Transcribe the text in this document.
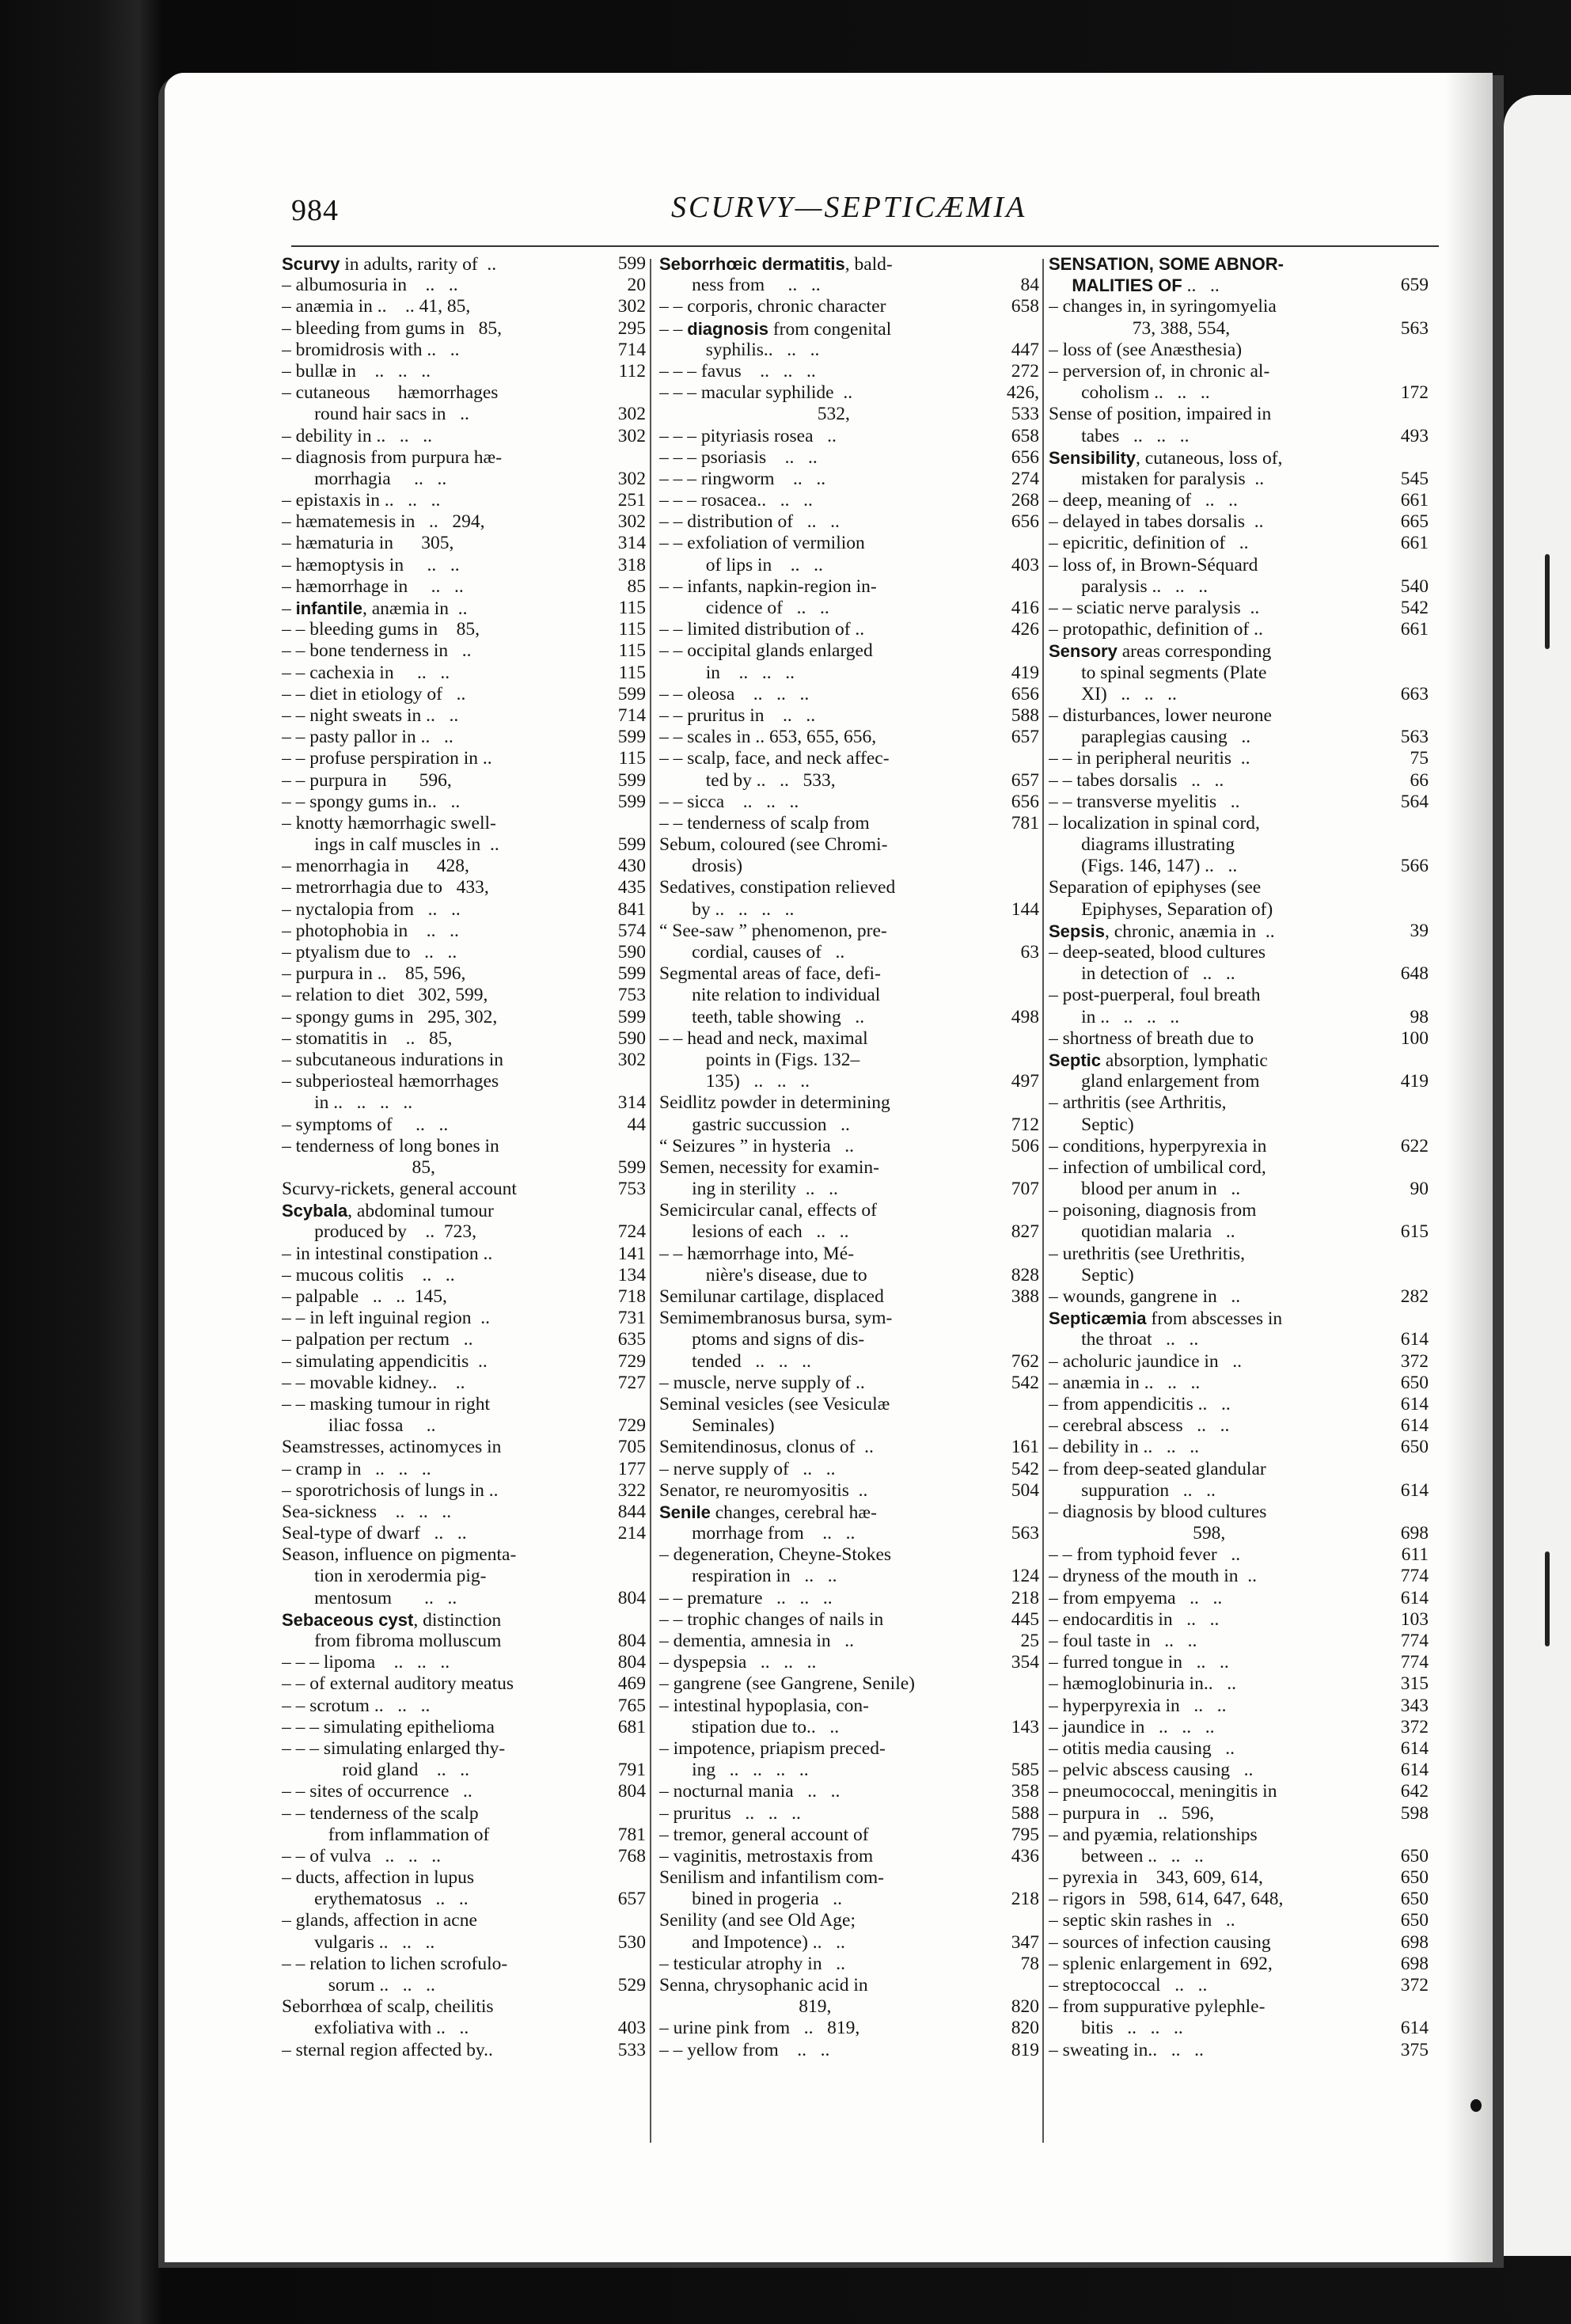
984	SCURVY—SEPTICÆMIA
Scurvy in adults, rarity of  ..	599
– albumosuria in    ..   ..	20
– anæmia in ..    .. 41, 85,	302
– bleeding from gums in   85,	295
– bromidrosis with ..   ..	714
– bullæ in    ..   ..   ..	112
– cutaneous      hæmorrhages
round hair sacs in   ..	302
– debility in ..   ..   ..	302
– diagnosis from purpura hæ-
morrhagia     ..   ..	302
– epistaxis in ..   ..   ..	251
– hæmatemesis in   ..   294,	302
– hæmaturia in      305,	314
– hæmoptysis in     ..   ..	318
– hæmorrhage in     ..   ..	85
– infantile, anæmia in  ..	115
– – bleeding gums in    85,	115
– – bone tenderness in   ..	115
– – cachexia in     ..   ..	115
– – diet in etiology of   ..	599
– – night sweats in ..   ..	714
– – pasty pallor in ..   ..	599
– – profuse perspiration in ..	115
– – purpura in       596,	599
– – spongy gums in..   ..	599
– knotty hæmorrhagic swell-
ings in calf muscles in  ..	599
– menorrhagia in      428,	430
– metrorrhagia due to   433,	435
– nyctalopia from   ..   ..	841
– photophobia in    ..   ..	574
– ptyalism due to   ..   ..	590
– purpura in ..    85, 596,	599
– relation to diet   302, 599,	753
– spongy gums in   295, 302,	599
– stomatitis in    ..   85,	590
– subcutaneous indurations in	302
– subperiosteal hæmorrhages
in ..   ..   ..   ..	314
– symptoms of     ..   ..	44
– tenderness of long bones in
85,	599
Scurvy-rickets, general account	753
Scybala, abdominal tumour
produced by    ..  723,	724
– in intestinal constipation ..	141
– mucous colitis    ..   ..	134
– palpable   ..   ..  145,	718
– – in left inguinal region  ..	731
– palpation per rectum   ..	635
– simulating appendicitis  ..	729
– – movable kidney..    ..	727
– – masking tumour in right
iliac fossa     ..	729
Seamstresses, actinomyces in	705
– cramp in   ..   ..   ..	177
– sporotrichosis of lungs in ..	322
Sea-sickness    ..   ..   ..	844
Seal-type of dwarf   ..   ..	214
Season, influence on pigmenta-
tion in xerodermia pig-
mentosum       ..   ..	804
Sebaceous cyst, distinction
from fibroma molluscum	804
– – – lipoma    ..   ..   ..	804
– – of external auditory meatus	469
– – scrotum ..   ..   ..	765
– – – simulating epithelioma	681
– – – simulating enlarged thy-
roid gland    ..   ..	791
– – sites of occurrence   ..	804
– – tenderness of the scalp
from inflammation of	781
– – of vulva   ..   ..   ..	768
– ducts, affection in lupus
erythematosus   ..   ..	657
– glands, affection in acne
vulgaris ..   ..   ..	530
– – relation to lichen scrofulo-
sorum ..   ..   ..	529
Seborrhœa of scalp, cheilitis
exfoliativa with ..   ..	403
– sternal region affected by..	533
Seborrhœic dermatitis, bald-
ness from     ..   ..	84
– – corporis, chronic character	658
– – diagnosis from congenital
syphilis..   ..   ..	447
– – – favus    ..   ..   ..	272
– – – macular syphilide  ..	426,
532,	533
– – – pityriasis rosea   ..	658
– – – psoriasis    ..   ..	656
– – – ringworm    ..   ..	274
– – – rosacea..   ..   ..	268
– – distribution of   ..   ..	656
– – exfoliation of vermilion
of lips in    ..   ..	403
– – infants, napkin-region in-
cidence of   ..   ..	416
– – limited distribution of ..	426
– – occipital glands enlarged
in    ..   ..   ..	419
– – oleosa    ..   ..   ..	656
– – pruritus in    ..   ..	588
– – scales in .. 653, 655, 656,	657
– – scalp, face, and neck affec-
ted by ..   ..   533,	657
– – sicca    ..   ..   ..	656
– – tenderness of scalp from	781
Sebum, coloured (see Chromi-
drosis)
Sedatives, constipation relieved
by ..   ..   ..   ..	144
“ See-saw ” phenomenon, pre-
cordial, causes of   ..	63
Segmental areas of face, defi-
nite relation to individual
teeth, table showing   ..	498
– – head and neck, maximal
points in (Figs. 132–
135)   ..   ..   ..	497
Seidlitz powder in determining
gastric succussion   ..	712
“ Seizures ” in hysteria   ..	506
Semen, necessity for examin-
ing in sterility  ..   ..	707
Semicircular canal, effects of
lesions of each   ..   ..	827
– – hæmorrhage into, Mé-
nière's disease, due to	828
Semilunar cartilage, displaced	388
Semimembranosus bursa, sym-
ptoms and signs of dis-
tended   ..   ..   ..	762
– muscle, nerve supply of ..	542
Seminal vesicles (see Vesiculæ
Seminales)
Semitendinosus, clonus of  ..	161
– nerve supply of   ..   ..	542
Senator, re neuromyositis  ..	504
Senile changes, cerebral hæ-
morrhage from    ..   ..	563
– degeneration, Cheyne-Stokes
respiration in   ..   ..	124
– – premature   ..   ..   ..	218
– – trophic changes of nails in	445
– dementia, amnesia in   ..	25
– dyspepsia   ..   ..   ..	354
– gangrene (see Gangrene, Senile)
– intestinal hypoplasia, con-
stipation due to..   ..	143
– impotence, priapism preced-
ing   ..   ..   ..   ..	585
– nocturnal mania   ..   ..	358
– pruritus   ..   ..   ..	588
– tremor, general account of	795
– vaginitis, metrostaxis from	436
Senilism and infantilism com-
bined in progeria   ..	218
Senility (and see Old Age;
and Impotence) ..   ..	347
– testicular atrophy in   ..	78
Senna, chrysophanic acid in
819,	820
– urine pink from   ..   819,	820
– – yellow from    ..   ..	819
SENSATION, SOME ABNOR-
MALITIES OF ..   ..	659
– changes in, in syringomyelia
73, 388, 554,	563
– loss of (see Anæsthesia)
– perversion of, in chronic al-
coholism ..   ..   ..	172
Sense of position, impaired in
tabes   ..   ..   ..	493
Sensibility, cutaneous, loss of,
mistaken for paralysis  ..	545
– deep, meaning of   ..   ..	661
– delayed in tabes dorsalis  ..	665
– epicritic, definition of   ..	661
– loss of, in Brown-Séquard
paralysis ..   ..   ..	540
– – sciatic nerve paralysis  ..	542
– protopathic, definition of ..	661
Sensory areas corresponding
to spinal segments (Plate
XI)   ..   ..   ..	663
– disturbances, lower neurone
paraplegias causing   ..	563
– – in peripheral neuritis  ..	75
– – tabes dorsalis   ..   ..	66
– – transverse myelitis   ..	564
– localization in spinal cord,
diagrams illustrating
(Figs. 146, 147) ..   ..	566
Separation of epiphyses (see
Epiphyses, Separation of)
Sepsis, chronic, anæmia in  ..	39
– deep-seated, blood cultures
in detection of   ..   ..	648
– post-puerperal, foul breath
in ..   ..   ..   ..	98
– shortness of breath due to	100
Septic absorption, lymphatic
gland enlargement from	419
– arthritis (see Arthritis,
Septic)
– conditions, hyperpyrexia in	622
– infection of umbilical cord,
blood per anum in   ..	90
– poisoning, diagnosis from
quotidian malaria   ..	615
– urethritis (see Urethritis,
Septic)
– wounds, gangrene in   ..	282
Septicæmia from abscesses in
the throat   ..   ..	614
– acholuric jaundice in   ..	372
– anæmia in ..   ..   ..	650
– from appendicitis ..   ..	614
– cerebral abscess   ..   ..	614
– debility in ..   ..   ..	650
– from deep-seated glandular
suppuration   ..   ..	614
– diagnosis by blood cultures
598,	698
– – from typhoid fever   ..	611
– dryness of the mouth in  ..	774
– from empyema   ..   ..	614
– endocarditis in   ..   ..	103
– foul taste in   ..   ..	774
– furred tongue in   ..   ..	774
– hæmoglobinuria in..   ..	315
– hyperpyrexia in   ..   ..	343
– jaundice in   ..   ..   ..	372
– otitis media causing   ..	614
– pelvic abscess causing   ..	614
– pneumococcal, meningitis in	642
– purpura in    ..   596,	598
– and pyæmia, relationships
between ..   ..   ..	650
– pyrexia in    343, 609, 614,	650
– rigors in   598, 614, 647, 648,	650
– septic skin rashes in   ..	650
– sources of infection causing	698
– splenic enlargement in  692,	698
– streptococcal   ..   ..	372
– from suppurative pylephle-
bitis   ..   ..   ..	614
– sweating in..   ..   ..	375
